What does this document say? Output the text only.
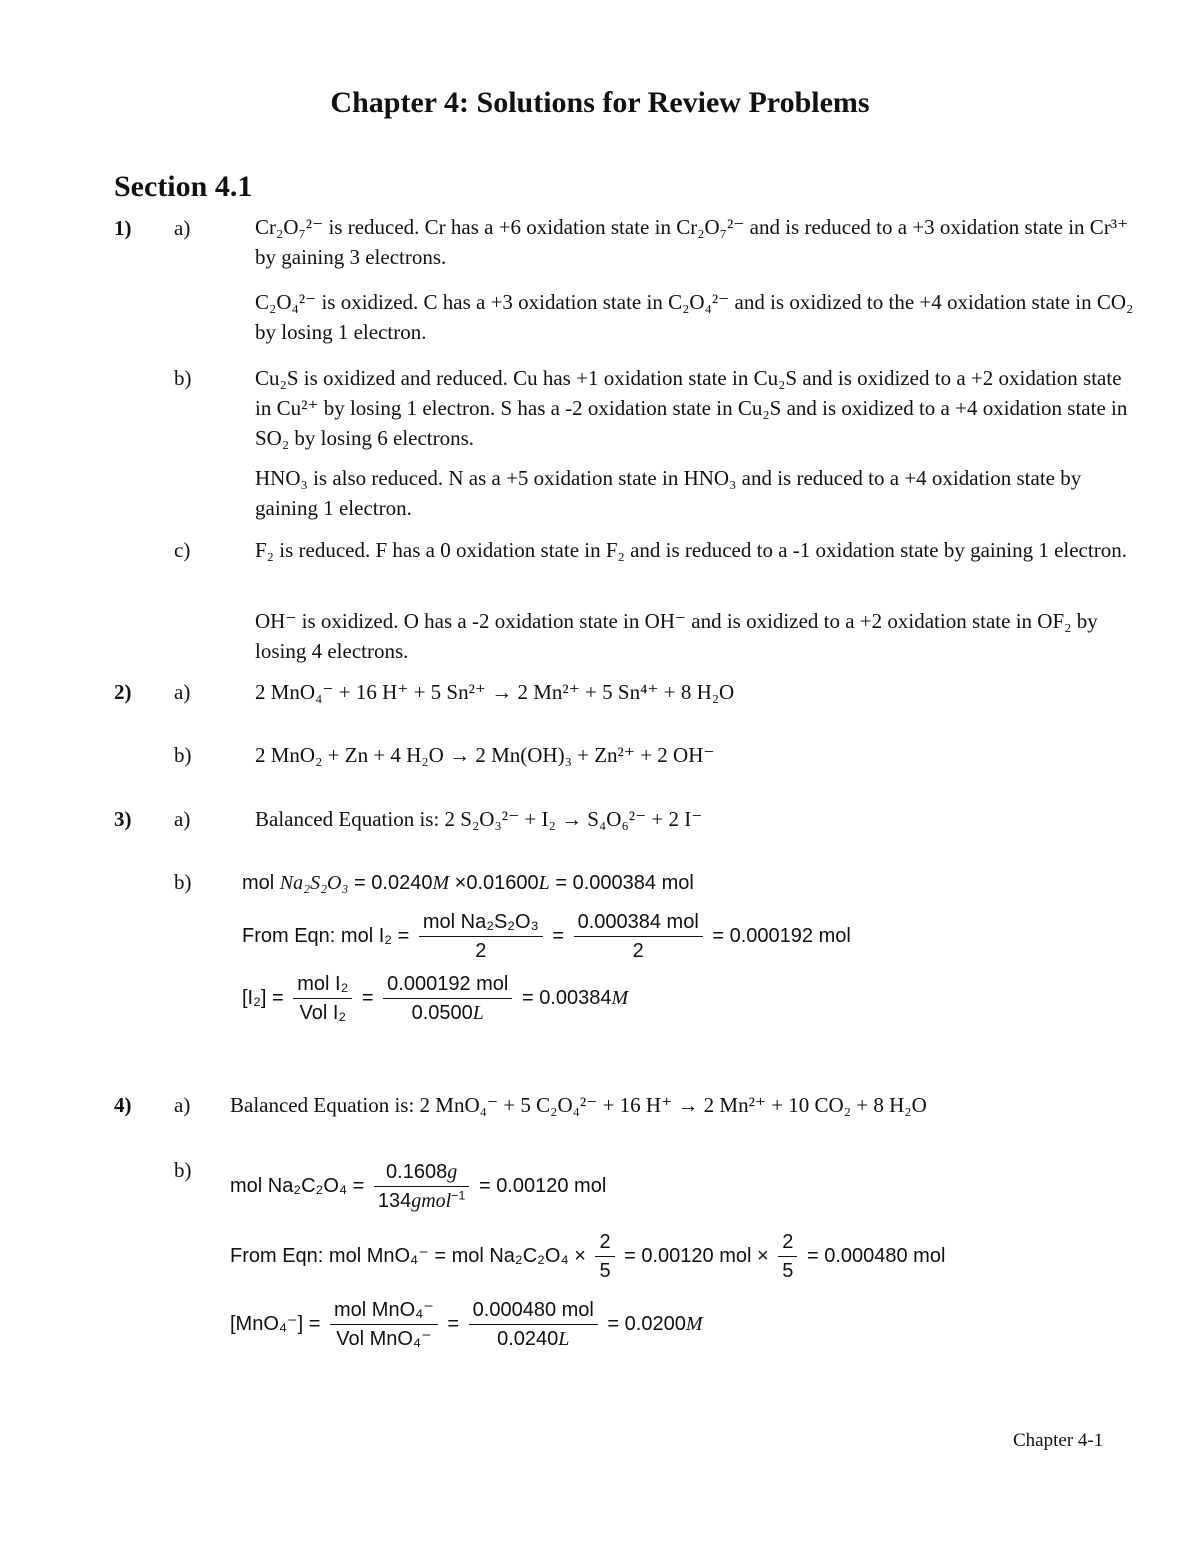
Chapter 4: Solutions for Review Problems
Section 4.1
1) a)	Cr₂O₇²⁻ is reduced. Cr has a +6 oxidation state in Cr₂O₇²⁻ and is reduced to a +3 oxidation state in Cr³⁺ by gaining 3 electrons.
C₂O₄²⁻ is oxidized. C has a +3 oxidation state in C₂O₄²⁻ and is oxidized to the +4 oxidation state in CO₂ by losing 1 electron.
b)	Cu₂S is oxidized and reduced. Cu has +1 oxidation state in Cu₂S and is oxidized to a +2 oxidation state in Cu²⁺ by losing 1 electron. S has a -2 oxidation state in Cu₂S and is oxidized to a +4 oxidation state in SO₂ by losing 6 electrons.
HNO₃ is also reduced. N as a +5 oxidation state in HNO₃ and is reduced to a +4 oxidation state by gaining 1 electron.
c)	F₂ is reduced. F has a 0 oxidation state in F₂ and is reduced to a -1 oxidation state by gaining 1 electron.
OH⁻ is oxidized. O has a -2 oxidation state in OH⁻ and is oxidized to a +2 oxidation state in OF₂ by losing 4 electrons.
2) a)	2 MnO₄⁻ + 16 H⁺ + 5 Sn²⁺ → 2 Mn²⁺ + 5 Sn⁴⁺ + 8 H₂O
b)	2 MnO₂ + Zn + 4 H₂O → 2 Mn(OH)₃ + Zn²⁺ + 2 OH⁻
3) a)	Balanced Equation is: 2 S₂O₃²⁻ + I₂ → S₄O₆²⁻ + 2 I⁻
b)	mol Na₂S₂O₃ = 0.0240M ×0.01600L = 0.000384 mol
From Eqn: mol $I_2 = \frac{\text{mol Na₂S₂O₃}}{2} = \frac{\text{0.000384 mol}}{2} = 0.000192$ mol
$[I_2] = \frac{\text{mol I₂}}{\text{Vol I₂}} = \frac{\text{0.000192 mol}}{0.0500L} = 0.00384M$
4) a) Balanced Equation is: 2 MnO₄⁻ + 5 C₂O₄²⁻ + 16 H⁺ → 2 Mn²⁺ + 10 CO₂ + 8 H₂O
b)
mol $Na_2C_2O_4 = \frac{0.1608g}{134gmol^{-1}} = 0.00120$ mol
From Eqn: mol MnO₄⁻ = mol $Na_2C_2O_4 \times \frac{2}{5} = 0.00120$ mol × $\frac{2}{5} = 0.000480$ mol
$[MnO_4^-] = \frac{\text{mol MnO₄⁻}}{\text{Vol MnO₄⁻}} = \frac{\text{0.000480 mol}}{0.0240L} = 0.0200M$
Chapter 4-1
